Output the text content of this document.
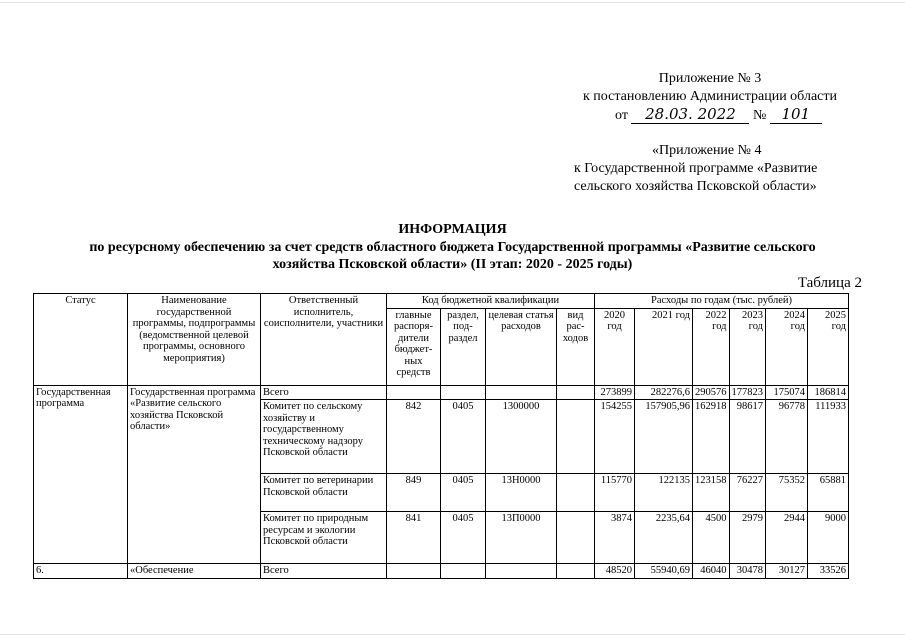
Приложение № 3
к постановлению Администрации области
от 28.03. 2022 № 101
«Приложение № 4
к Государственной программе «Развитие
сельского хозяйства Псковской области»
ИНФОРМАЦИЯ
по ресурсному обеспечению за счет средств областного бюджета Государственной программы «Развитие сельского
хозяйства Псковской области» (II этап: 2020 - 2025 годы)
Таблица 2
Статус	Наименование государственной программы, подпрограммы (ведомственной целевой программы, основного мероприятия)	Ответственный исполнитель, соисполнители, участники	Код бюджетной квалификации				Расходы по годам (тыс. рублей)					
			главные распоря-дители бюджет-ных средств	раздел, под-раздел	целевая статья расходов	вид рас-ходов	2020 год	2021 год	2022 год	2023 год	2024 год	2025 год
Государственная программа	Государственная программа «Развитие сельского хозяйства Псковской области»	Всего					273899	282276,6	290576	177823	175074	186814
		Комитет по сельскому хозяйству и государственному техническому надзору Псковской области	842	0405	1300000		154255	157905,96	162918	98617	96778	111933
		Комитет по ветеринарии Псковской области	849	0405	13Н0000		115770	122135	123158	76227	75352	65881
		Комитет по природным ресурсам и экологии Псковской области	841	0405	13П0000		3874	2235,64	4500	2979	2944	9000
6.	«Обеспечение	Всего					48520	55940,69	46040	30478	30127	33526
